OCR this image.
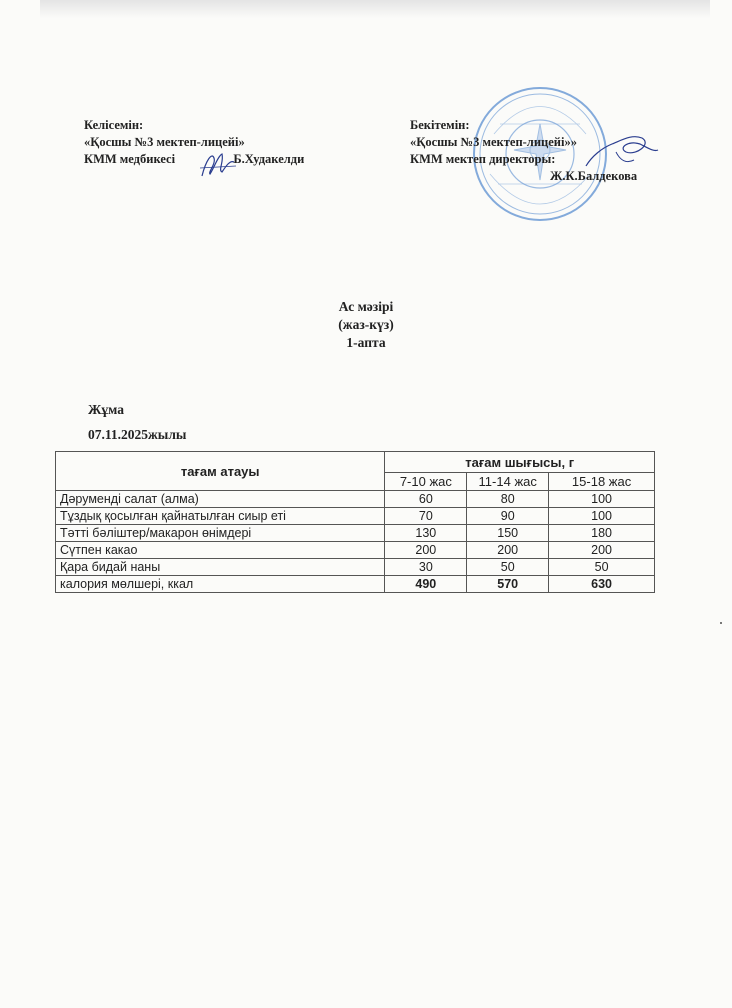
Келісемін:
«Қосшы №3 мектеп-лицейі»
КММ медбикесі	Б.Худакелди
Бекітемін:
«Қосшы №3 мектеп-лицейі»»
КММ мектеп директоры:
Ж.К.Балдекова
Ас мәзірі
(жаз-күз)
1-апта
Жұма
07.11.2025жылы
тағам атауы	тағам шығысы, г		
	7-10 жас	11-14 жас	15-18 жас
Дәрумендi салат (алма)	60	80	100
Тұздық қосылған қайнатылған сиыр еті	70	90	100
Тәтті бәліштер/макарон өнімдері	130	150	180
Сүтпен какао	200	200	200
Қара бидай наны	30	50	50
калория мөлшері, ккал	490	570	630
